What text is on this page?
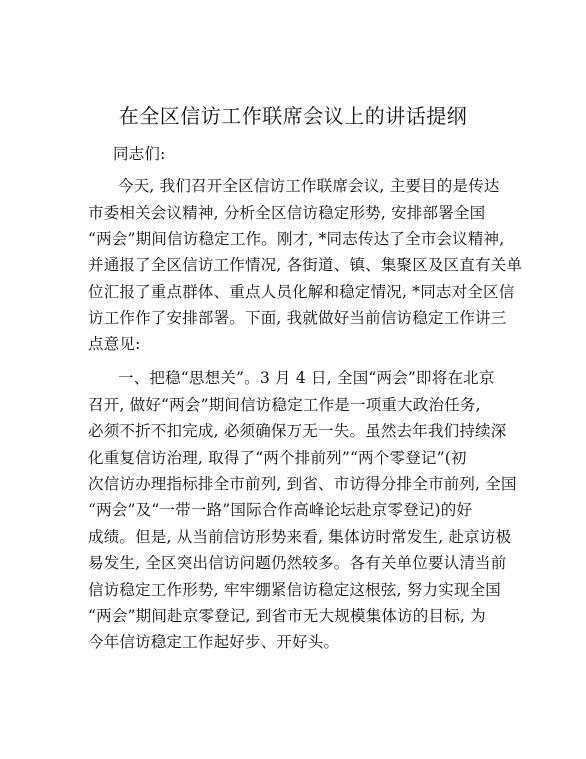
在全区信访工作联席会议上的讲话提纲
同志们:
今天, 我们召开全区信访工作联席会议, 主要目的是传达
市委相关会议精神, 分析全区信访稳定形势, 安排部署全国
“两会”期间信访稳定工作。刚才, *同志传达了全市会议精神,
并通报了全区信访工作情况, 各街道、镇、集聚区及区直有关单
位汇报了重点群体、重点人员化解和稳定情况, *同志对全区信
访工作作了安排部署。下面, 我就做好当前信访稳定工作讲三
点意见:
一、把稳“思想关”。3 月 4 日, 全国“两会”即将在北京
召开, 做好“两会”期间信访稳定工作是一项重大政治任务,
必须不折不扣完成, 必须确保万无一失。虽然去年我们持续深
化重复信访治理, 取得了“两个排前列”“两个零登记”(初
次信访办理指标排全市前列, 到省、市访得分排全市前列, 全国
“两会”及“一带一路”国际合作高峰论坛赴京零登记)的好
成绩。但是, 从当前信访形势来看, 集体访时常发生, 赴京访极
易发生, 全区突出信访问题仍然较多。各有关单位要认清当前
信访稳定工作形势, 牢牢绷紧信访稳定这根弦, 努力实现全国
“两会”期间赴京零登记, 到省市无大规模集体访的目标, 为
今年信访稳定工作起好步、开好头。
